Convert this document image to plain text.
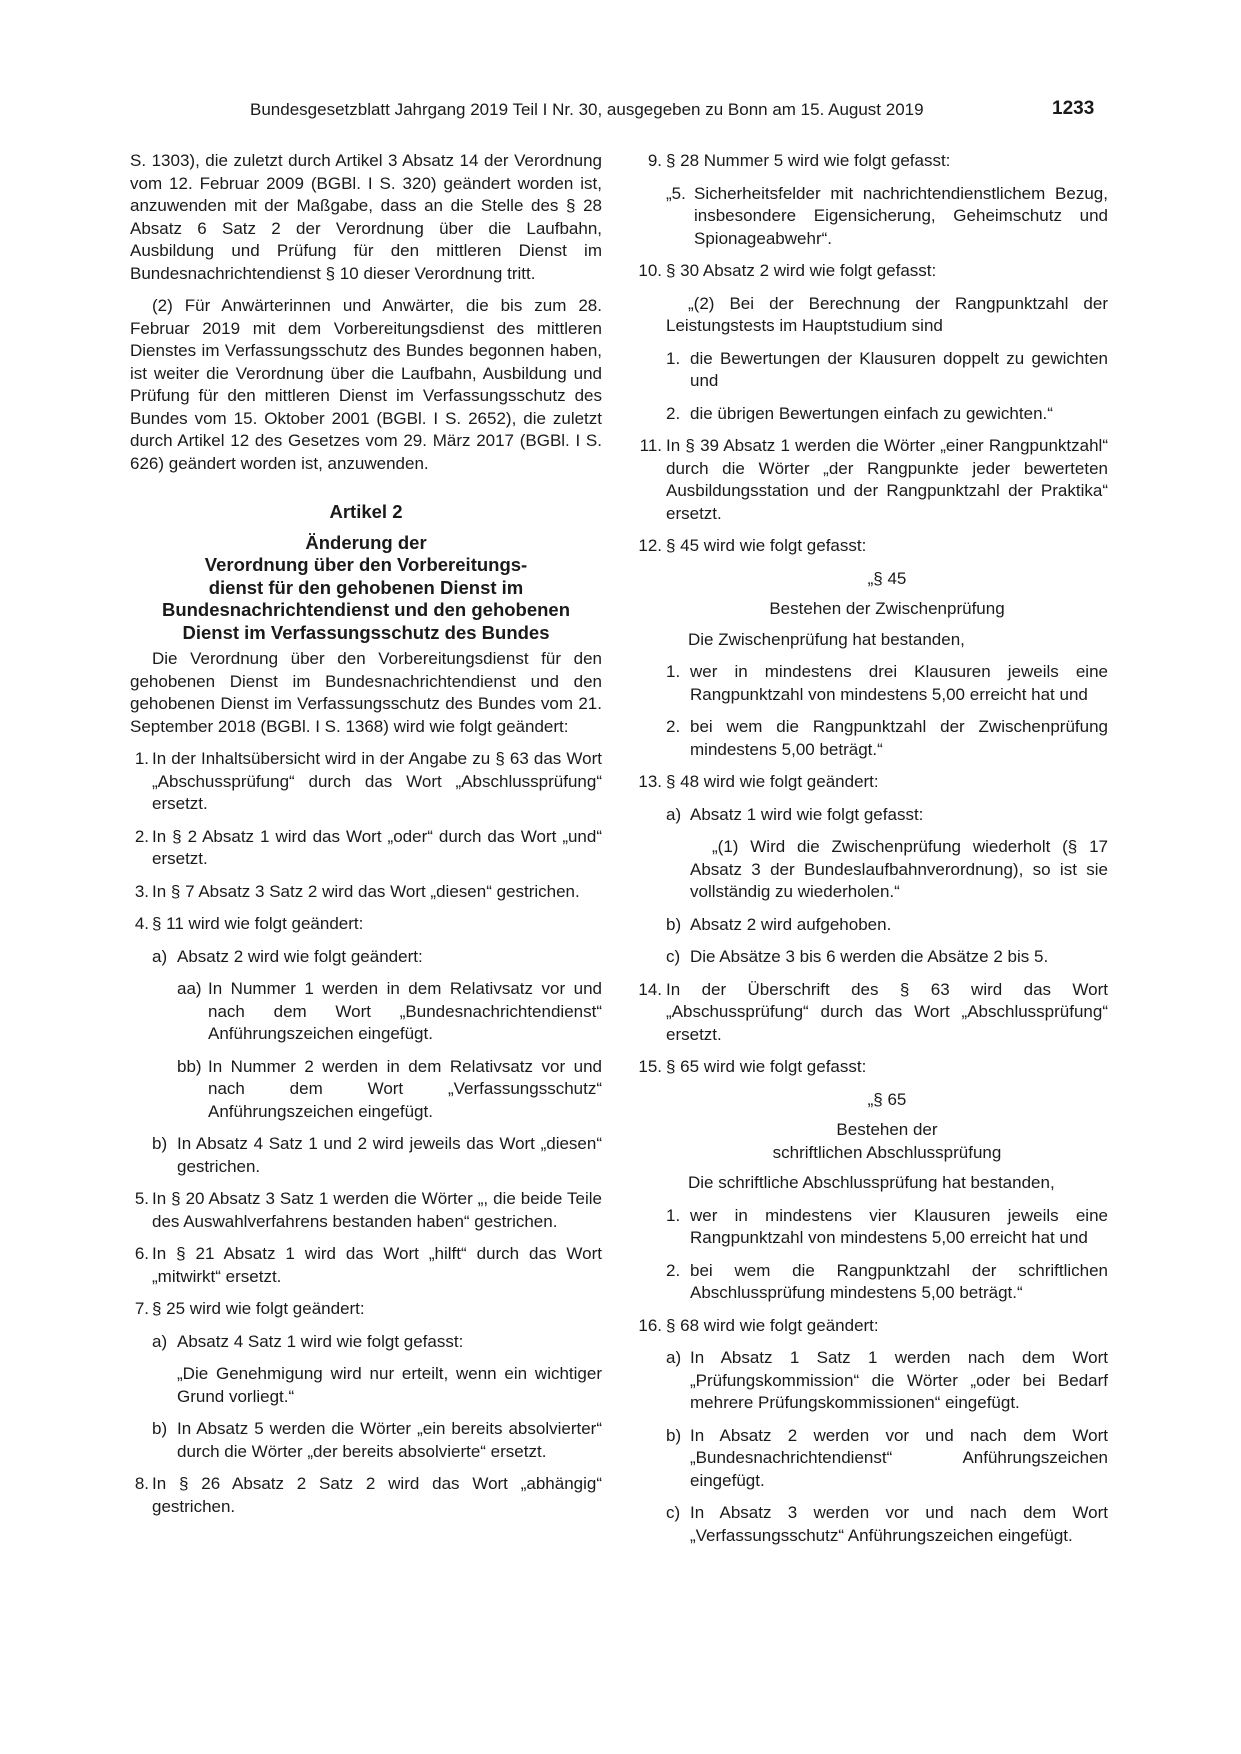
Bundesgesetzblatt Jahrgang 2019 Teil I Nr. 30, ausgegeben zu Bonn am 15. August 2019	1233

S. 1303), die zuletzt durch Artikel 3 Absatz 14 der Verordnung vom 12. Februar 2009 (BGBl. I S. 320) geändert worden ist, anzuwenden mit der Maßgabe, dass an die Stelle des § 28 Absatz 6 Satz 2 der Verordnung über die Laufbahn, Ausbildung und Prüfung für den mittleren Dienst im Bundesnachrichtendienst § 10 dieser Verordnung tritt.

(2) Für Anwärterinnen und Anwärter, die bis zum 28. Februar 2019 mit dem Vorbereitungsdienst des mittleren Dienstes im Verfassungsschutz des Bundes begonnen haben, ist weiter die Verordnung über die Laufbahn, Ausbildung und Prüfung für den mittleren Dienst im Verfassungsschutz des Bundes vom 15. Oktober 2001 (BGBl. I S. 2652), die zuletzt durch Artikel 12 des Gesetzes vom 29. März 2017 (BGBl. I S. 626) geändert worden ist, anzuwenden.

Artikel 2

Änderung der

Verordnung über den Vorbereitungs-

dienst für den gehobenen Dienst im

Bundesnachrichtendienst und den gehobenen

Dienst im Verfassungsschutz des Bundes

Die Verordnung über den Vorbereitungsdienst für den gehobenen Dienst im Bundesnachrichtendienst und den gehobenen Dienst im Verfassungsschutz des Bundes vom 21. September 2018 (BGBl. I S. 1368) wird wie folgt geändert:

1. In der Inhaltsübersicht wird in der Angabe zu § 63 das Wort „Abschussprüfung“ durch das Wort „Abschlussprüfung“ ersetzt.
2. In § 2 Absatz 1 wird das Wort „oder“ durch das Wort „und“ ersetzt.
3. In § 7 Absatz 3 Satz 2 wird das Wort „diesen“ gestrichen.
4. § 11 wird wie folgt geändert:
a) Absatz 2 wird wie folgt geändert:
aa) In Nummer 1 werden in dem Relativsatz vor und nach dem Wort „Bundesnachrichtendienst“ Anführungszeichen eingefügt.
bb) In Nummer 2 werden in dem Relativsatz vor und nach dem Wort „Verfassungsschutz“ Anführungszeichen eingefügt.
b) In Absatz 4 Satz 1 und 2 wird jeweils das Wort „diesen“ gestrichen.
5. In § 20 Absatz 3 Satz 1 werden die Wörter „, die beide Teile des Auswahlverfahrens bestanden haben“ gestrichen.
6. In § 21 Absatz 1 wird das Wort „hilft“ durch das Wort „mitwirkt“ ersetzt.
7. § 25 wird wie folgt geändert:
a) Absatz 4 Satz 1 wird wie folgt gefasst:
„Die Genehmigung wird nur erteilt, wenn ein wichtiger Grund vorliegt.“
b) In Absatz 5 werden die Wörter „ein bereits absolvierter“ durch die Wörter „der bereits absolvierte“ ersetzt.
8. In § 26 Absatz 2 Satz 2 wird das Wort „abhängig“ gestrichen.
9. § 28 Nummer 5 wird wie folgt gefasst:
„5. Sicherheitsfelder mit nachrichtendienstlichem Bezug, insbesondere Eigensicherung, Geheimschutz und Spionageabwehr“.
10. § 30 Absatz 2 wird wie folgt gefasst:
„(2) Bei der Berechnung der Rangpunktzahl der Leistungstests im Hauptstudium sind
1. die Bewertungen der Klausuren doppelt zu gewichten und
2. die übrigen Bewertungen einfach zu gewichten.“
11. In § 39 Absatz 1 werden die Wörter „einer Rangpunktzahl“ durch die Wörter „der Rangpunkte jeder bewerteten Ausbildungsstation und der Rangpunktzahl der Praktika“ ersetzt.
12. § 45 wird wie folgt gefasst:

„§ 45

Bestehen der Zwischenprüfung

Die Zwischenprüfung hat bestanden,

1. wer in mindestens drei Klausuren jeweils eine Rangpunktzahl von mindestens 5,00 erreicht hat und
2. bei wem die Rangpunktzahl der Zwischenprüfung mindestens 5,00 beträgt.“
13. § 48 wird wie folgt geändert:
a) Absatz 1 wird wie folgt gefasst:
„(1) Wird die Zwischenprüfung wiederholt (§ 17 Absatz 3 der Bundeslaufbahnverordnung), so ist sie vollständig zu wiederholen.“
b) Absatz 2 wird aufgehoben.
c) Die Absätze 3 bis 6 werden die Absätze 2 bis 5.
14. In der Überschrift des § 63 wird das Wort „Abschussprüfung“ durch das Wort „Abschlussprüfung“ ersetzt.
15. § 65 wird wie folgt gefasst:

„§ 65

Bestehen der

schriftlichen Abschlussprüfung

Die schriftliche Abschlussprüfung hat bestanden,

1. wer in mindestens vier Klausuren jeweils eine Rangpunktzahl von mindestens 5,00 erreicht hat und
2. bei wem die Rangpunktzahl der schriftlichen Abschlussprüfung mindestens 5,00 beträgt.“
16. § 68 wird wie folgt geändert:
a) In Absatz 1 Satz 1 werden nach dem Wort „Prüfungskommission“ die Wörter „oder bei Bedarf mehrere Prüfungskommissionen“ eingefügt.
b) In Absatz 2 werden vor und nach dem Wort „Bundesnachrichtendienst“ Anführungszeichen eingefügt.
c) In Absatz 3 werden vor und nach dem Wort „Verfassungsschutz“ Anführungszeichen eingefügt.
